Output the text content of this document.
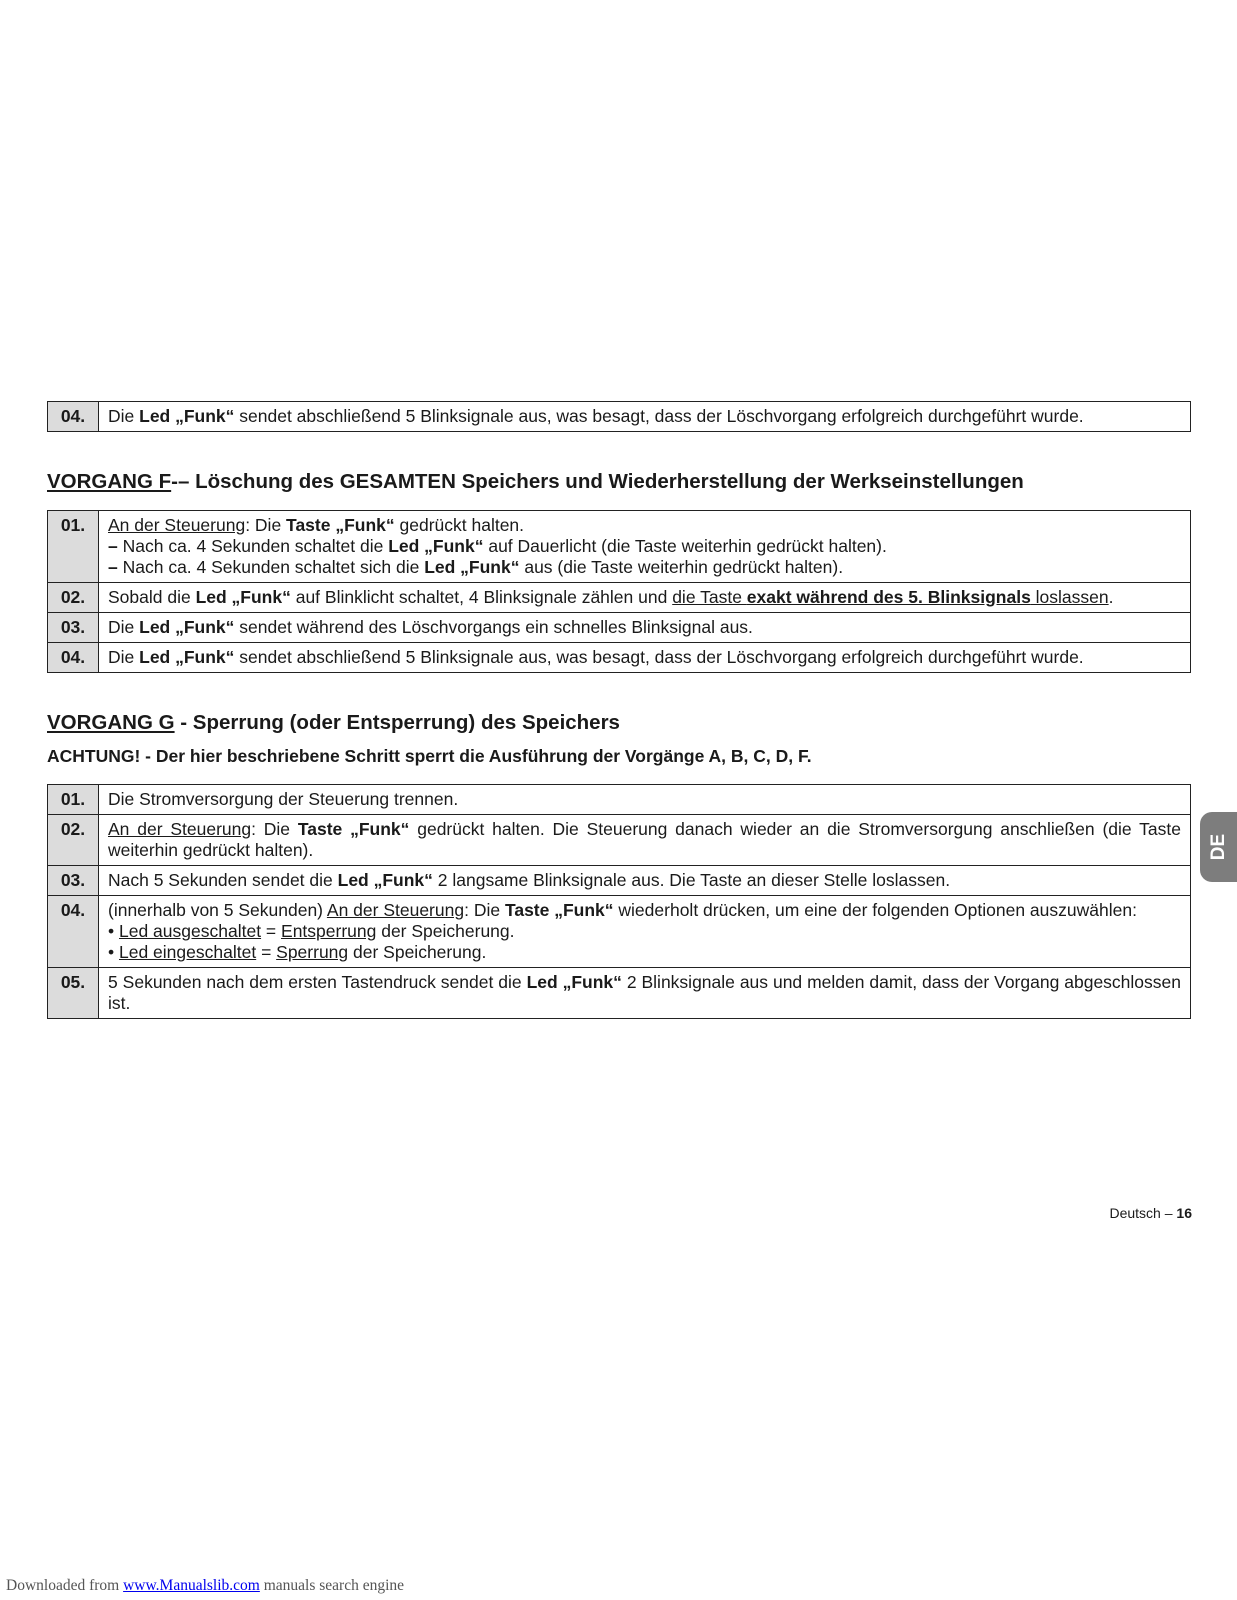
04.	Die Led „Funk“ sendet abschließend 5 Blinksignale aus, was besagt, dass der Löschvorgang erfolgreich durchgeführt wurde.
VORGANG F-– Löschung des GESAMTEN Speichers und Wiederherstellung der Werkseinstellungen
01.	An der Steuerung: Die Taste „Funk“ gedrückt halten.
– Nach ca. 4 Sekunden schaltet die Led „Funk“ auf Dauerlicht (die Taste weiterhin gedrückt halten).
– Nach ca. 4 Sekunden schaltet sich die Led „Funk“ aus (die Taste weiterhin gedrückt halten).

02.	Sobald die Led „Funk“ auf Blinklicht schaltet, 4 Blinksignale zählen und die Taste exakt während des 5. Blinksignals loslassen.

03.	Die Led „Funk“ sendet während des Löschvorgangs ein schnelles Blinksignal aus.

04.	Die Led „Funk“ sendet abschließend 5 Blinksignale aus, was besagt, dass der Löschvorgang erfolgreich durchgeführt wurde.
VORGANG G - Sperrung (oder Entsperrung) des Speichers

ACHTUNG! - Der hier beschriebene Schritt sperrt die Ausführung der Vorgänge A, B, C, D, F.

01.	Die Stromversorgung der Steuerung trennen.

02.	An der Steuerung: Die Taste „Funk“ gedrückt halten. Die Steuerung danach wieder an die Stromversorgung anschließen (die Taste weiterhin gedrückt halten).

03.	Nach 5 Sekunden sendet die Led „Funk“ 2 langsame Blinksignale aus. Die Taste an dieser Stelle loslassen.

04.	(innerhalb von 5 Sekunden) An der Steuerung: Die Taste „Funk“ wiederholt drücken, um eine der folgenden Optionen auszuwählen:
• Led ausgeschaltet = Entsperrung der Speicherung.
• Led eingeschaltet = Sperrung der Speicherung.

05.	5 Sekunden nach dem ersten Tastendruck sendet die Led „Funk“ 2 Blinksignale aus und melden damit, dass der Vorgang abgeschlossen ist.
Deutsch – 16
DE
Downloaded from www.Manualslib.com manuals search engine
